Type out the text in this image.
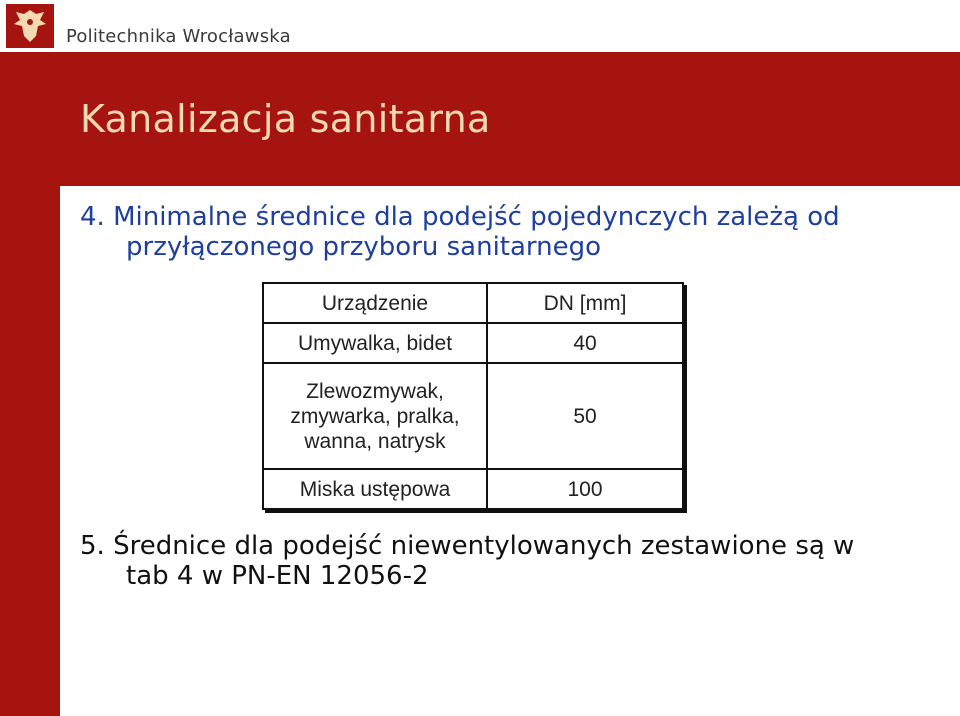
Politechnika Wrocławska
Kanalizacja sanitarna
4. Minimalne średnice dla podejść pojedynczych zależą od
przyłączonego przyboru sanitarnego
Urządzenie	DN [mm]
Umywalka, bidet	40
Zlewozmywak,
zmywarka, pralka,
wanna, natrysk	50
Miska ustępowa	100
5. Średnice dla podejść niewentylowanych zestawione są w
tab 4 w PN-EN 12056-2
